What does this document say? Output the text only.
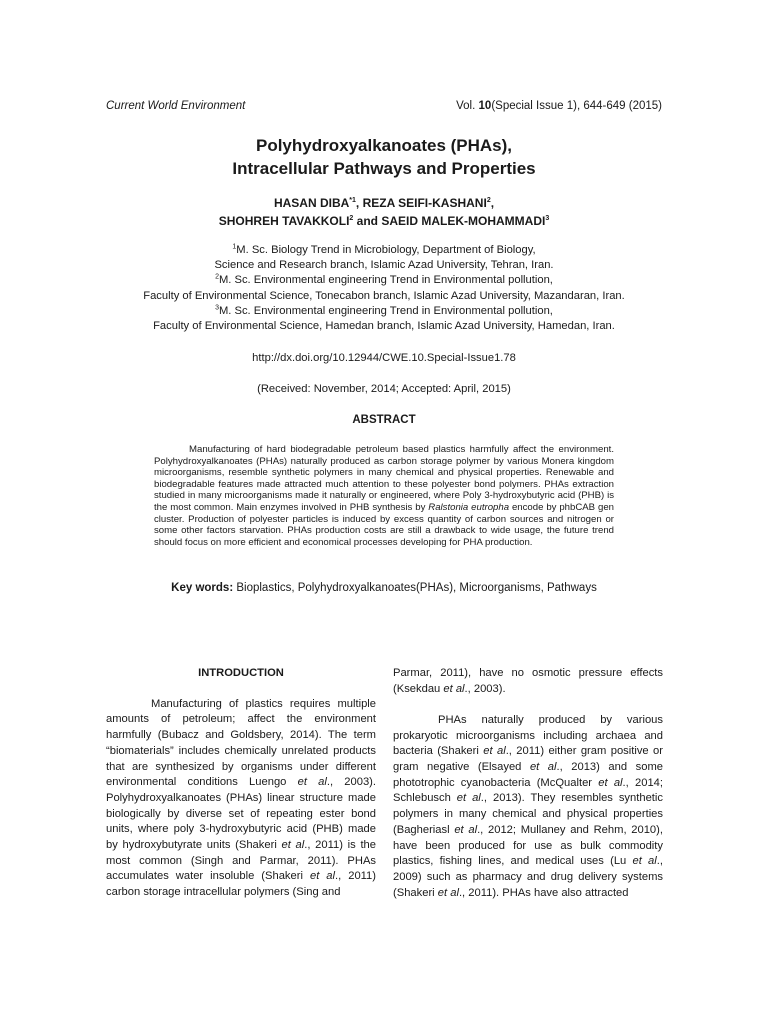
Current World Environment	Vol. 10(Special Issue 1), 644-649 (2015)
Polyhydroxyalkanoates (PHAs),
Intracellular Pathways and Properties
HASAN DIBA$^{*1}$, REZA SEIFI-KASHANI$^2$,
SHOHREH TAVAKKOLI$^2$ and SAEID MALEK-MOHAMMADI$^3$
$^1$M. Sc. Biology Trend in Microbiology, Department of Biology,
Science and Research branch, Islamic Azad University, Tehran, Iran.
$^2$M. Sc. Environmental engineering Trend in Environmental pollution,
Faculty of Environmental Science, Tonecabon branch, Islamic Azad University, Mazandaran, Iran.
$^3$M. Sc. Environmental engineering Trend in Environmental pollution,
Faculty of Environmental Science, Hamedan branch, Islamic Azad University, Hamedan, Iran.
http://dx.doi.org/10.12944/CWE.10.Special-Issue1.78
(Received: November, 2014; Accepted: April, 2015)
ABSTRACT

Manufacturing of hard biodegradable petroleum based plastics harmfully affect the environment. Polyhydroxyalkanoates (PHAs) naturally produced as carbon storage polymer by various Monera kingdom microorganisms, resemble synthetic polymers in many chemical and physical properties. Renewable and biodegradable features made attracted much attention to these polyester bond polymers. PHAs extraction studied in many microorganisms made it naturally or engineered, where Poly 3-hydroxybutyric acid (PHB) is the most common. Main enzymes involved in PHB synthesis by Ralstonia eutropha encode by phbCAB gen cluster. Production of polyester particles is induced by excess quantity of carbon sources and nitrogen or some other factors starvation. PHAs production costs are still a drawback to wide usage, the future trend should focus on more efficient and economical processes developing for PHA production.

Key words: Bioplastics, Polyhydroxyalkanoates(PHAs), Microorganisms, Pathways
INTRODUCTION

Manufacturing of plastics requires multiple amounts of petroleum; affect the environment harmfully (Bubacz and Goldsbery, 2014). The term “biomaterials” includes chemically unrelated products that are synthesized by organisms under different environmental conditions Luengo et al., 2003). Polyhydroxyalkanoates (PHAs) linear structure made biologically by diverse set of repeating ester bond units, where poly 3-hydroxybutyric acid (PHB) made by hydroxybutyrate units (Shakeri et al., 2011) is the most common (Singh and Parmar, 2011). PHAs accumulates water insoluble (Shakeri et al., 2011) carbon storage intracellular polymers (Sing and

Parmar, 2011), have no osmotic pressure effects (Ksekdau et al., 2003).

PHAs naturally produced by various prokaryotic microorganisms including archaea and bacteria (Shakeri et al., 2011) either gram positive or gram negative (Elsayed et al., 2013) and some phototrophic cyanobacteria (McQualter et al., 2014; Schlebusch et al., 2013). They resembles synthetic polymers in many chemical and physical properties (Bagheriasl et al., 2012; Mullaney and Rehm, 2010), have been produced for use as bulk commodity plastics, fishing lines, and medical uses (Lu et al., 2009) such as pharmacy and drug delivery systems (Shakeri et al., 2011). PHAs have also attracted
